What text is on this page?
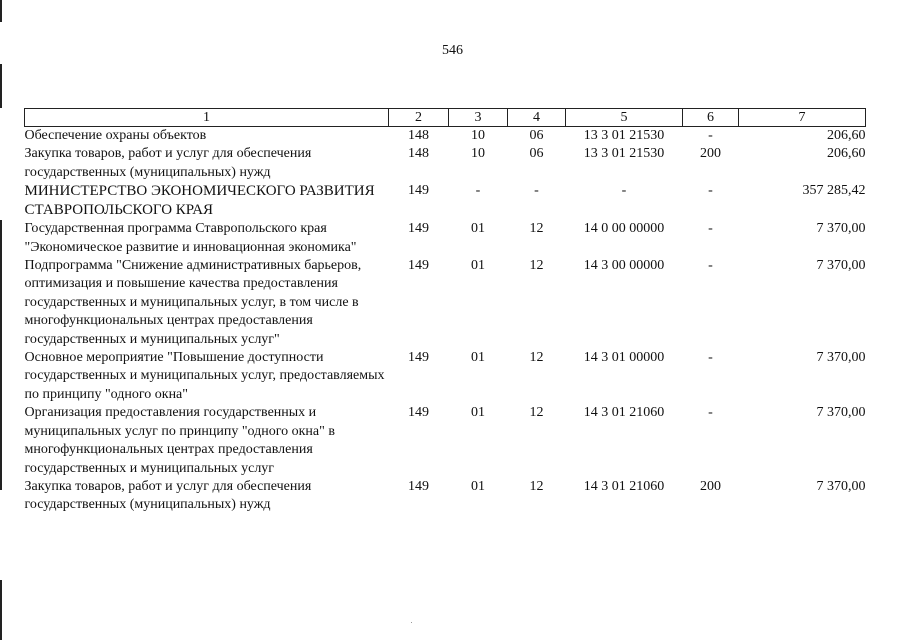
546
1	2	3	4	5	6	7
Обеспечение охраны объектов	148	10	06	13 3 01 21530	-	206,60
Закупка товаров, работ и услуг для обеспечения государственных (муниципальных) нужд	148	10	06	13 3 01 21530	200	206,60
МИНИСТЕРСТВО ЭКОНОМИЧЕСКОГО РАЗВИТИЯ СТАВРОПОЛЬСКОГО КРАЯ	149	-	-	-	-	357 285,42
Государственная программа Ставропольского края "Экономическое развитие и инновационная экономика"	149	01	12	14 0 00 00000	-	7 370,00
Подпрограмма "Снижение административных барьеров, оптимизация и повышение качества предоставления государственных и муниципальных услуг, в том числе в многофункциональных центрах предоставления государственных и муниципальных услуг"	149	01	12	14 3 00 00000	-	7 370,00
Основное мероприятие "Повышение доступности государственных и муниципальных услуг, предоставляемых по принципу "одного окна"	149	01	12	14 3 01 00000	-	7 370,00
Организация предоставления государственных и муниципальных услуг по принципу "одного окна" в многофункциональных центрах предоставления государственных и муниципальных услуг	149	01	12	14 3 01 21060	-	7 370,00
Закупка товаров, работ и услуг для обеспечения государственных (муниципальных) нужд	149	01	12	14 3 01 21060	200	7 370,00
